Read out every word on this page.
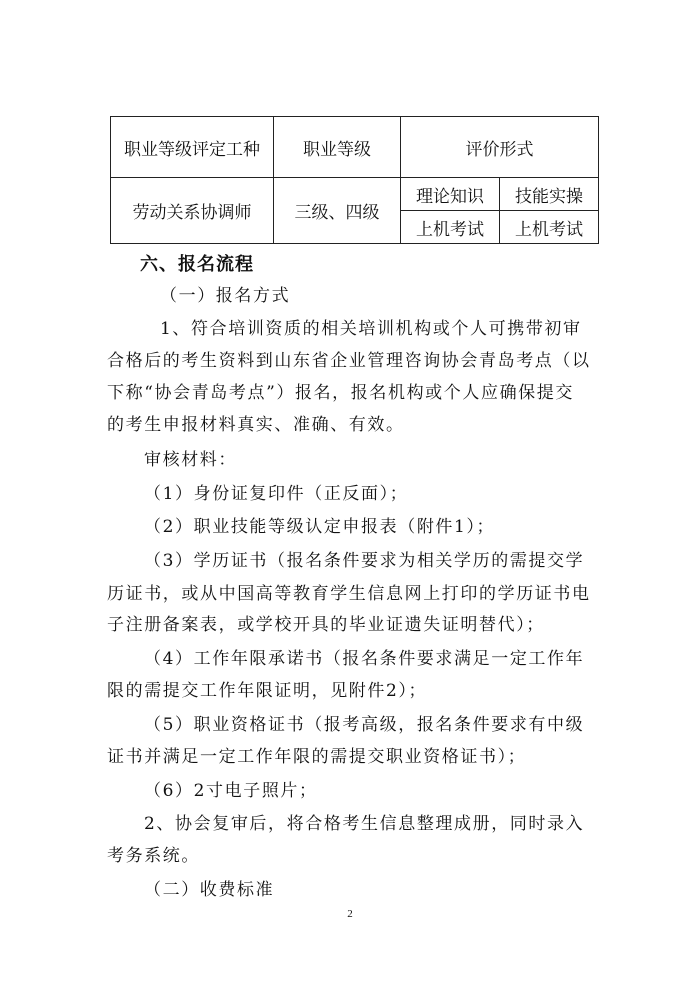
职业等级评定工种	职业等级	评价形式	
劳动关系协调师	三级、四级	理论知识	技能实操
		上机考试	上机考试
六、报名流程
（一）报名方式
1、符合培训资质的相关培训机构或个人可携带初审
合格后的考生资料到山东省企业管理咨询协会青岛考点（以
下称“协会青岛考点”）报名，报名机构或个人应确保提交
的考生申报材料真实、准确、有效。
审核材料：
（1）身份证复印件（正反面）；
（2）职业技能等级认定申报表（附件1）；
（3）学历证书（报名条件要求为相关学历的需提交学
历证书，或从中国高等教育学生信息网上打印的学历证书电
子注册备案表，或学校开具的毕业证遗失证明替代）；
（4）工作年限承诺书（报名条件要求满足一定工作年
限的需提交工作年限证明，见附件2）；
（5）职业资格证书（报考高级，报名条件要求有中级
证书并满足一定工作年限的需提交职业资格证书）；
（6）2寸电子照片；
2、协会复审后，将合格考生信息整理成册，同时录入
考务系统。
（二）收费标准
2
